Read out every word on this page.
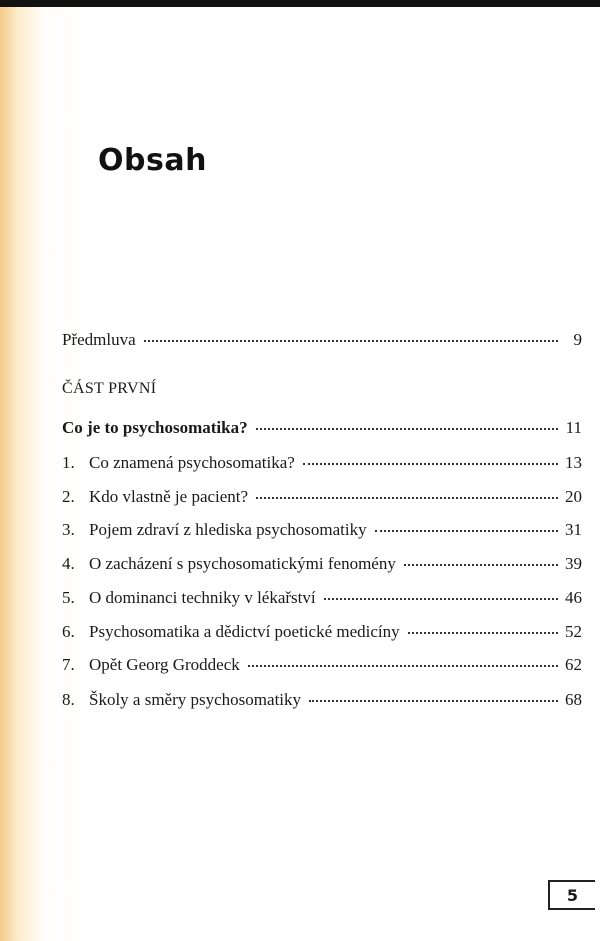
Obsah
Předmluva	9
ČÁST PRVNÍ
Co je to psychosomatika?	11
1. Co znamená psychosomatika?	13
2. Kdo vlastně je pacient?	20
3. Pojem zdraví z hlediska psychosomatiky	31
4. O zacházení s psychosomatickými fenomény	39
5. O dominanci techniky v lékařství	46
6. Psychosomatika a dědictví poetické medicíny	52
7. Opět Georg Groddeck	62
8. Školy a směry psychosomatiky	68
5
